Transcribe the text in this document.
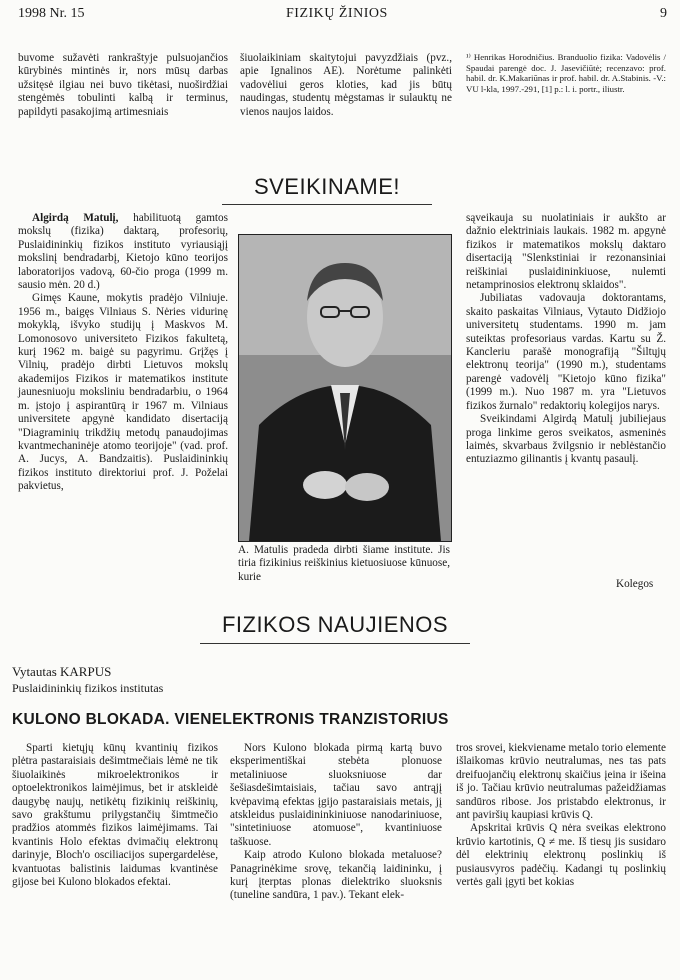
1998 Nr. 15	FIZIKŲ ŽINIOS	9

buvome sužavėti rankraštyje pulsuojančios kūrybinės mintinės ir, nors mūsų darbas užsitęsė ilgiau nei buvo tikėtasi, nuoširdžiai stengėmės tobulinti kalbą ir terminus, papildyti pasakojimą artimesniais

šiuolaikiniam skaitytojui pavyzdžiais (pvz., apie Ignalinos AE). Norėtume palinkėti vadovėliui geros kloties, kad jis būtų naudingas, studentų mėgstamas ir sulauktų ne vienos naujos laidos.

¹⁾ Henrikas Horodničius. Branduolio fizika: Vadovėlis / Spaudai parengė doc. J. Jasevičiūtė; recenzavo: prof. habil. dr. K.Makariūnas ir prof. habil. dr. A.Stabinis. -V.: VU l-kla, 1997.-291, [1] p.: l. i. portr., iliustr.
SVEIKINAME!

Algirdą Matulį, habilituotą gamtos mokslų (fizika) daktarą, profesorių, Puslaidininkių fizikos instituto vyriausiąjį mokslinį bendradarbį, Kietojo kūno teorijos laboratorijos vadovą, 60-čio proga (1999 m. sausio mėn. 20 d.)

Gimęs Kaune, mokytis pradėjo Vilniuje. 1956 m., baigęs Vilniaus S. Nėries vidurinę mokyklą, išvyko studijų į Maskvos M. Lomonosovo universiteto Fizikos fakultetą, kurį 1962 m. baigė su pagyrimu. Grįžęs į Vilnių, pradėjo dirbti Lietuvos mokslų akademijos Fizikos ir matematikos institute jaunesniuoju moksliniu bendradarbiu, o 1964 m. įstojo į aspirantūrą ir 1967 m. Vilniaus universitete apgynė kandidato disertaciją "Diagraminių trikdžių metodų panaudojimas kvantmechaninėje atomo teorijoje" (vad. prof. A. Jucys, A. Bandzaitis). Puslaidininkių fizikos instituto direktoriui prof. J. Poželai pakvietus,

A. Matulis pradeda dirbti šiame institute. Jis tiria fizikinius reiškinius kietuosiuose kūnuose, kurie

sąveikauja su nuolatiniais ir aukšto ar dažnio elektriniais laukais. 1982 m. apgynė fizikos ir matematikos mokslų daktaro disertaciją "Slenkstiniai ir rezonansiniai reiškiniai puslaidininkiuose, nulemti netamprinosios elektronų sklaidos".

Jubiliatas vadovauja doktorantams, skaito paskaitas Vilniaus, Vytauto Didžiojo universitetų studentams. 1990 m. jam suteiktas profesoriaus vardas. Kartu su Ž. Kancleriu parašė monografiją "Šiltųjų elektronų teorija" (1990 m.), studentams parengė vadovėlį "Kietojo kūno fizika" (1999 m.). Nuo 1987 m. yra "Lietuvos fizikos žurnalo" redaktorių kolegijos narys.

Sveikindami Algirdą Matulį jubiliejaus proga linkime geros sveikatos, asmeninės laimės, skvarbaus žvilgsnio ir neblėstančio entuziazmo gilinantis į kvantų pasaulį.

Kolegos
FIZIKOS NAUJIENOS
Vytautas KARPUS
Puslaidininkių fizikos institutas
KULONO BLOKADA. VIENELEKTRONIS TRANZISTORIUS

Sparti kietųjų kūnų kvantinių fizikos plėtra pastaraisiais dešimtmečiais lėmė ne tik šiuolaikinės mikroelektronikos ir optoelektronikos laimėjimus, bet ir atskleidė daugybę naujų, netikėtų fizikinių reiškinių, savo grakštumu prilygstančių šimtmečio pradžios atommės fizikos laimėjimams. Tai kvantinis Holo efektas dvimačių elektronų darinyje, Bloch'o osciliacijos supergardelėse, kvantuotas balistinis laidumas kvantinėse gijose bei Kulono blokados efektai.

Nors Kulono blokada pirmą kartą buvo eksperimentiškai stebėta plonuose metaliniuose sluoksniuose dar šešiasdešimtaisiais, tačiau savo antrąjį kvėpavimą efektas įgijo pastaraisiais metais, jį atskleidus puslaidininkiniuose nanodariniuose, "sintetiniuose atomuose", kvantiniuose taškuose.

Kaip atrodo Kulono blokada metaluose? Panagrinėkime srovę, tekančią laidininku, į kurį įterptas plonas dielektriko sluoksnis (tuneline sandūra, 1 pav.). Tekant elek-

tros srovei, kiekviename metalo torio elemente išlaikomas krūvio neutralumas, nes tas pats dreifuojančių elektronų skaičius įeina ir išeina iš jo. Tačiau krūvio neutralumas pažeidžiamas sandūros ribose. Jos pristabdo elektronus, ir ant paviršių kaupiasi krūvis Q.

Apskritai krūvis Q nėra sveikas elektrono krūvio kartotinis, Q ≠ me. Iš tiesų jis susidaro dėl elektrinių elektronų poslinkių iš pusiausvyros padėčių. Kadangi tų poslinkių vertės gali įgyti bet kokias
